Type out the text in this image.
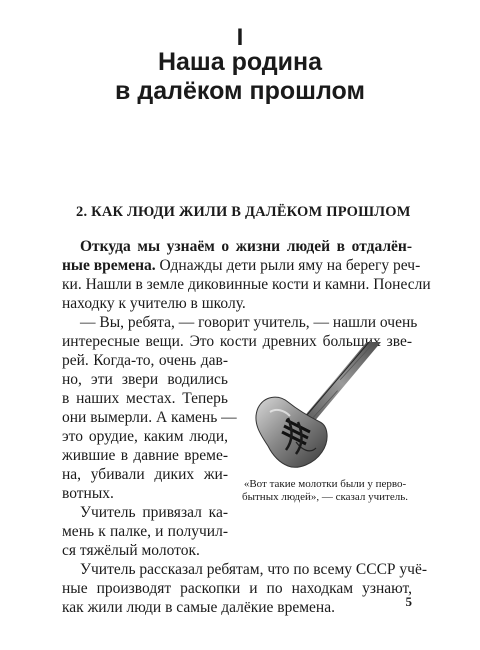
I
Наша родина
в далёком прошлом
2. КАК ЛЮДИ ЖИЛИ В ДАЛЁКОМ ПРОШЛОМ
Откуда мы узнаём о жизни людей в отдалён-
ные времена. Однажды дети рыли яму на берегу реч-
ки. Нашли в земле диковинные кости и камни. Понесли
находку к учителю в школу.
— Вы, ребята, — говорит учитель, — нашли очень
интересные вещи. Это кости древних больших зве-
рей. Когда-то, очень дав-
но, эти звери водились
в наших местах. Теперь
они вымерли. А камень —
это орудие, каким люди,
жившие в давние време-
на, убивали диких жи-
вотных.
Учитель привязал ка-
мень к палке, и получил-
ся тяжёлый молоток.
Учитель рассказал ребятам, что по всему СССР учё-
ные производят раскопки и по находкам узнают,
как жили люди в самые далёкие времена.
«Вот такие молотки были у перво-
бытных людей», — сказал учитель.
5
